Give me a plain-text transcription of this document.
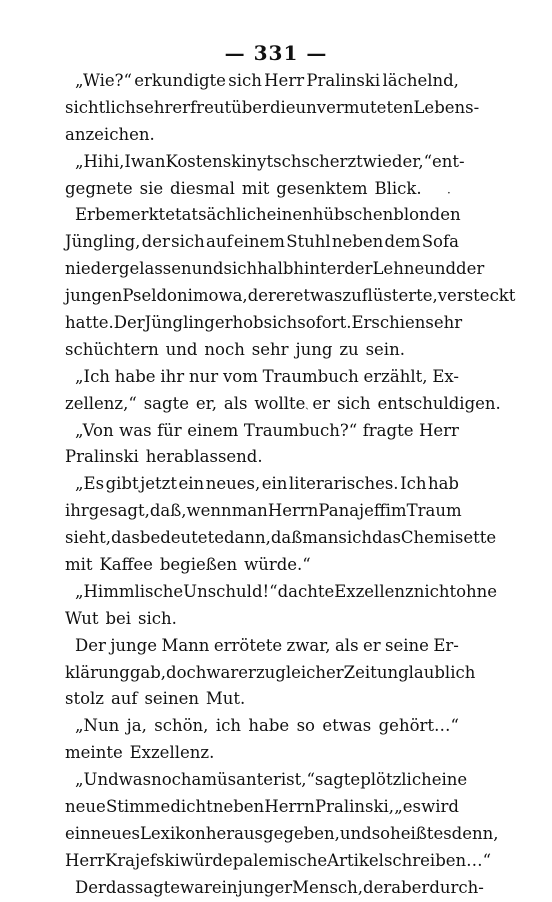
— 331 —
„Wie?“ erkundigte sich Herr Pralinski lächelnd,
sichtlich sehr erfreut über die unvermuteten Lebens-
anzeichen.
„Hihi, Iwan Kostenskinytsch scherzt wieder,“ ent-
gegnete sie diesmal mit gesenktem Blick.
Er bemerkte tatsächlich einen hübschen blonden
Jüngling, der sich auf einem Stuhl neben dem Sofa
niedergelassen und sich halb hinter der Lehne und der
jungen Pseldonimowa, der er etwas zuflüsterte, versteckt
hatte. Der Jüngling erhob sich sofort. Er schien sehr
schüchtern und noch sehr jung zu sein.
„Ich habe ihr nur vom Traumbuch erzählt, Ex-
zellenz,“ sagte er, als wollte er sich entschuldigen.
„Von was für einem Traumbuch?“ fragte Herr
Pralinski herablassend.
„Es gibt jetzt ein neues, ein literarisches. Ich hab
ihr gesagt, daß, wenn man Herrn Panajeff im Traum
sieht, das bedeutete dann, daß man sich das Chemisette
mit Kaffee begießen würde.“
„Himmlische Unschuld!“ dachte Exzellenz nicht ohne
Wut bei sich.
Der junge Mann errötete zwar, als er seine Er-
klärung gab, doch war er zu gleicher Zeit unglaublich
stolz auf seinen Mut.
„Nun ja, schön, ich habe so etwas gehört…“
meinte Exzellenz.
„Und was noch amüsanter ist,“ sagte plötzlich eine
neue Stimme dicht neben Herrn Pralinski, „es wird
ein neues Lexikon herausgegeben, und so heißt es denn,
Herr Krajefski würde palemische Artikel schreiben…“
Der das sagte war ein junger Mensch, der aber durch-
·
ˏ
